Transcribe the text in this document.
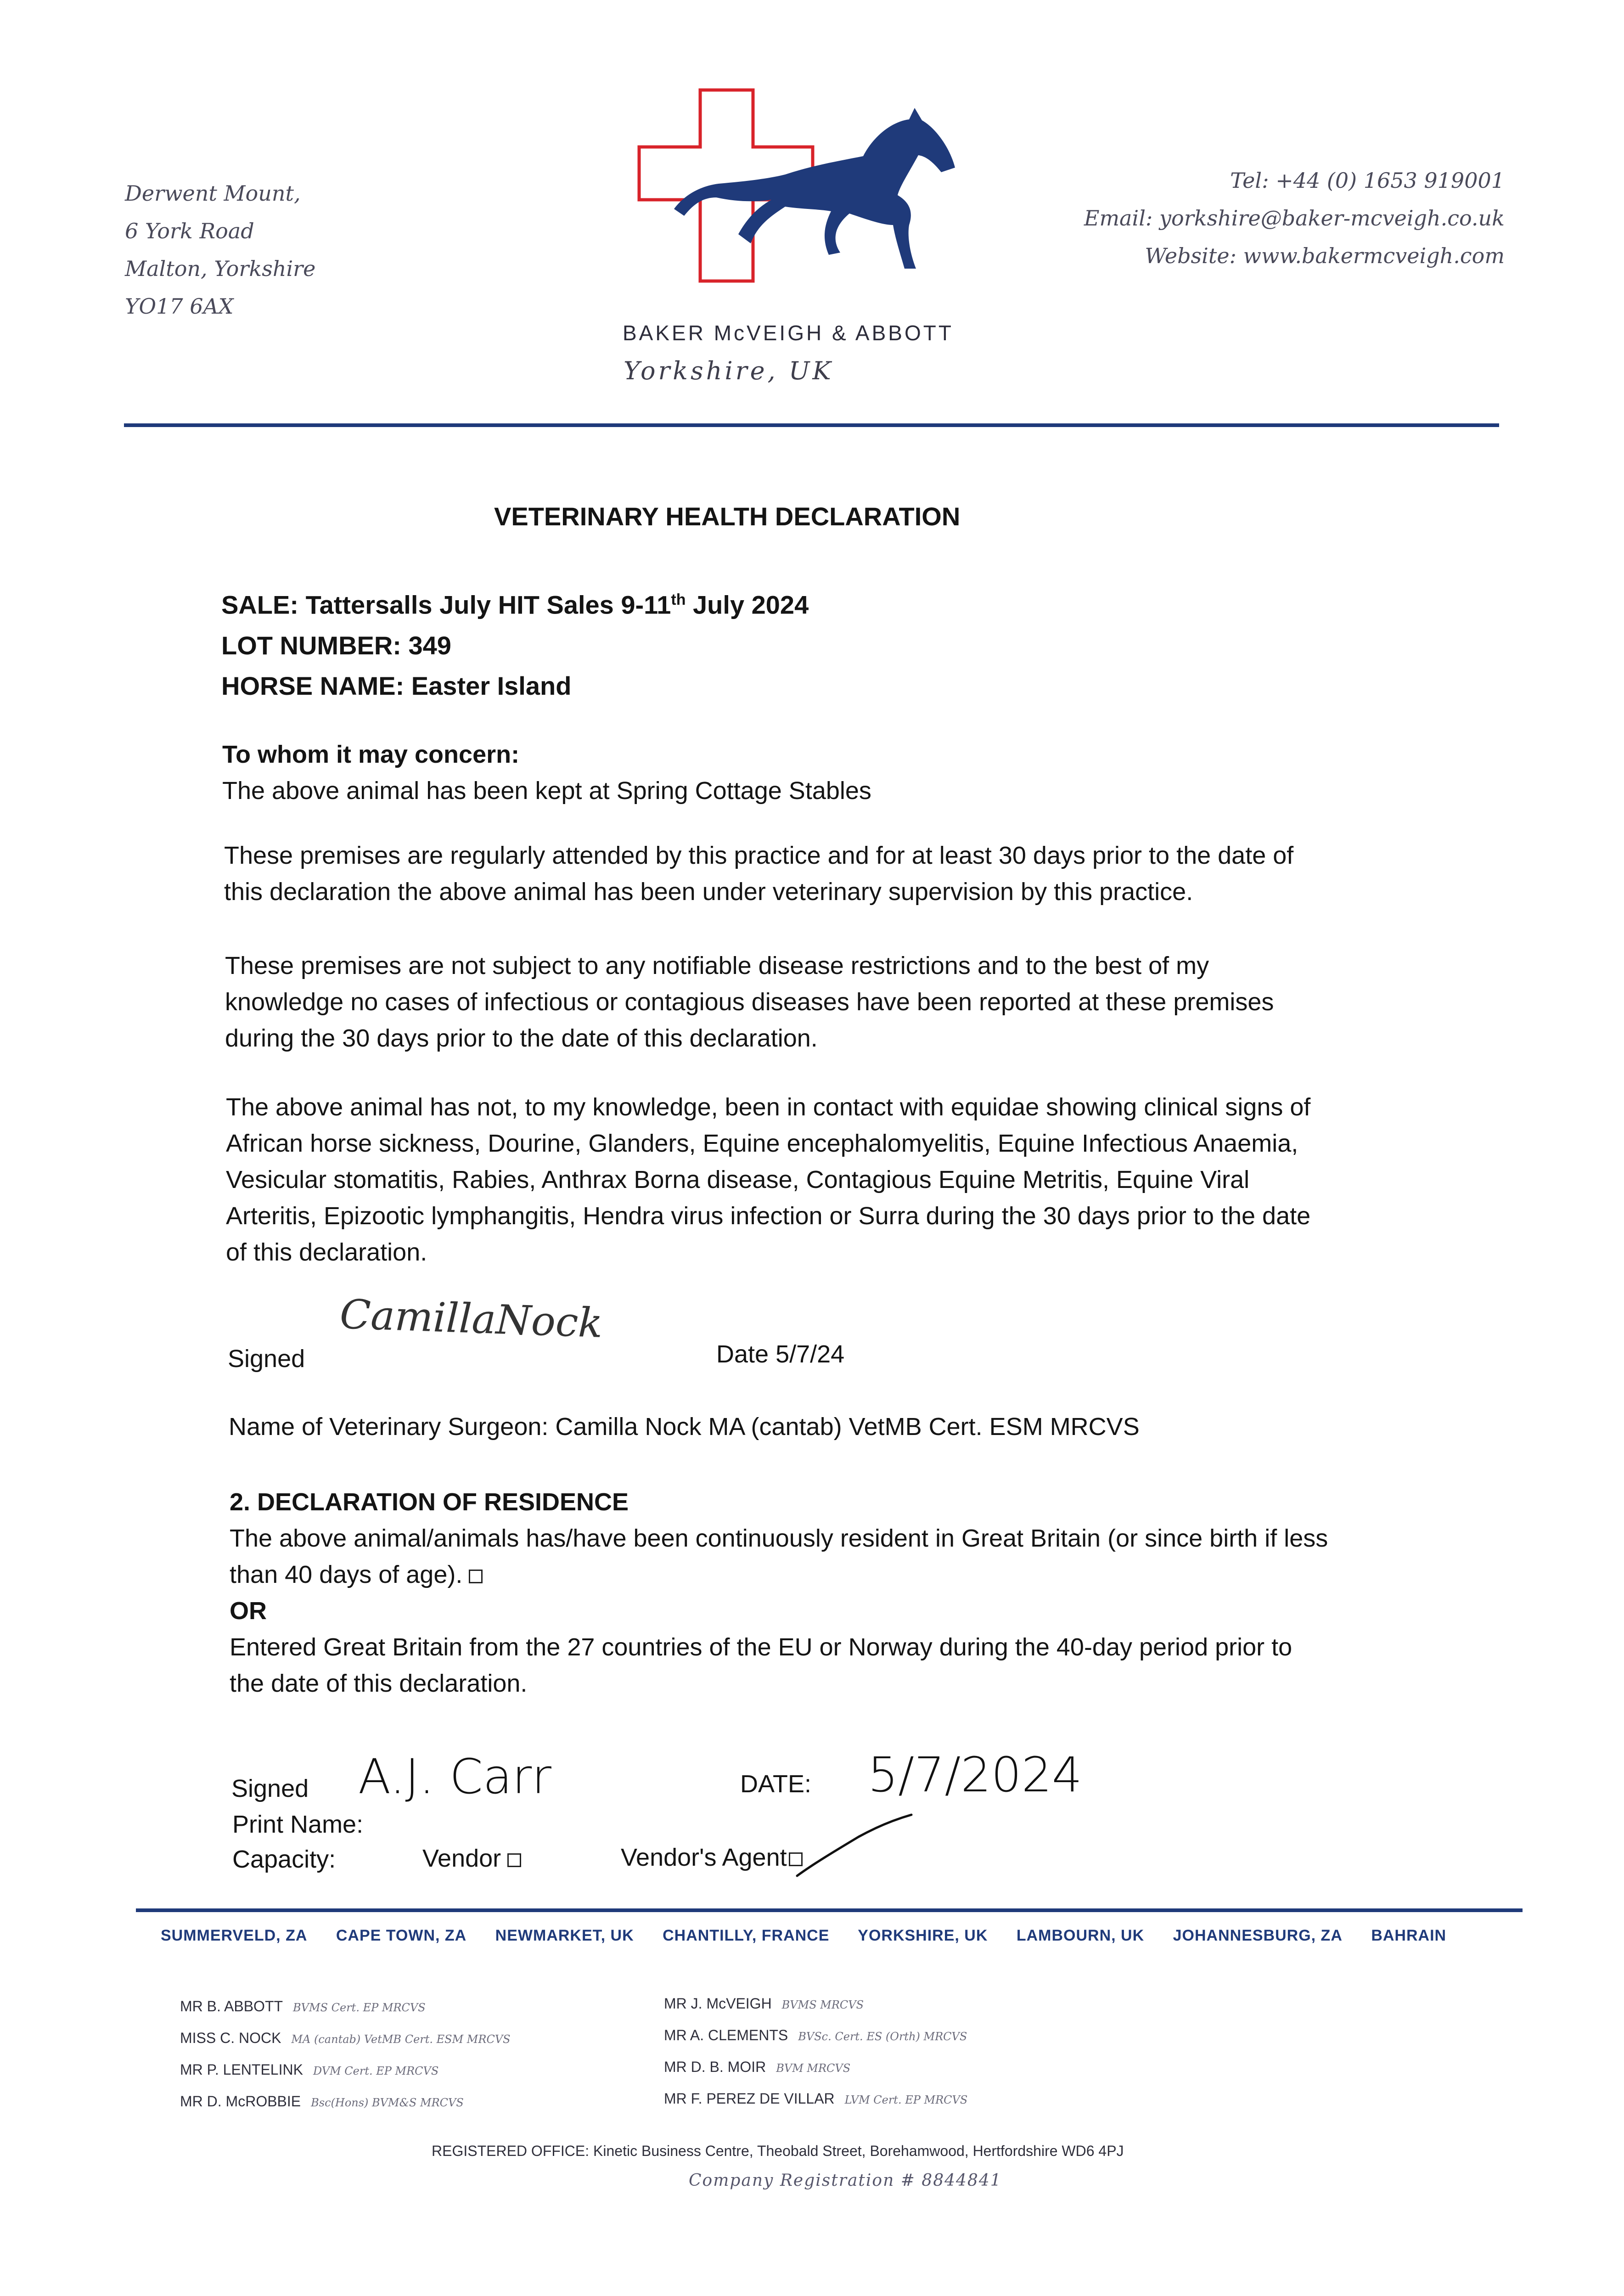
Derwent Mount,
6 York Road
Malton, Yorkshire
YO17 6AX
BAKER McVEIGH & ABBOTT
Yorkshire, UK
Tel: +44 (0) 1653 919001
Email: yorkshire@baker-mcveigh.co.uk
Website: www.bakermcveigh.com
VETERINARY HEALTH DECLARATION
SALE: Tattersalls July HIT Sales 9-11th July 2024
LOT NUMBER: 349
HORSE NAME: Easter Island
To whom it may concern:
The above animal has been kept at Spring Cottage Stables
These premises are regularly attended by this practice and for at least 30 days prior to the date of
this declaration the above animal has been under veterinary supervision by this practice.
These premises are not subject to any notifiable disease restrictions and to the best of my
knowledge no cases of infectious or contagious diseases have been reported at these premises
during the 30 days prior to the date of this declaration.
The above animal has not, to my knowledge, been in contact with equidae showing clinical signs of
African horse sickness, Dourine, Glanders, Equine encephalomyelitis, Equine Infectious Anaemia,
Vesicular stomatitis, Rabies, Anthrax Borna disease, Contagious Equine Metritis, Equine Viral
Arteritis, Epizootic lymphangitis, Hendra virus infection or Surra during the 30 days prior to the date
of this declaration.
Signed
CamillaNock
Date 5/7/24
Name of Veterinary Surgeon: Camilla Nock MA (cantab) VetMB Cert. ESM MRCVS
2. DECLARATION OF RESIDENCE
The above animal/animals has/have been continuously resident in Great Britain (or since birth if less
than 40 days of age).
OR
Entered Great Britain from the 27 countries of the EU or Norway during the 40-day period prior to
the date of this declaration.
Signed A.J. Carr	DATE: 5/7/2024
Print Name:
Capacity:	Vendor	Vendor's Agent
SUMMERVELD, ZA CAPE TOWN, ZA NEWMARKET, UK CHANTILLY, FRANCE YORKSHIRE, UK LAMBOURN, UK JOHANNESBURG, ZA BAHRAIN
MR B. ABBOTT BVMS Cert. EP MRCVS
MISS C. NOCK MA (cantab) VetMB Cert. ESM MRCVS
MR P. LENTELINK DVM Cert. EP MRCVS
MR D. McROBBIE Bsc(Hons) BVM&S MRCVS
MR J. McVEIGH BVMS MRCVS
MR A. CLEMENTS BVSc. Cert. ES (Orth) MRCVS
MR D. B. MOIR BVM MRCVS
MR F. PEREZ DE VILLAR LVM Cert. EP MRCVS
REGISTERED OFFICE: Kinetic Business Centre, Theobald Street, Borehamwood, Hertfordshire WD6 4PJ
Company Registration # 8844841
